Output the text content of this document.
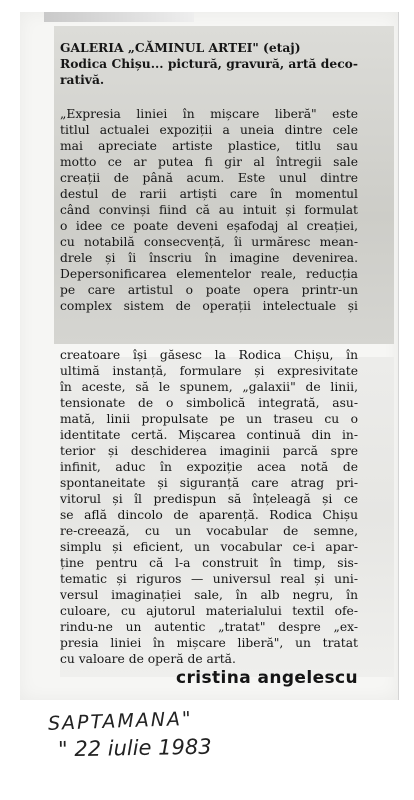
GALERIA „CĂMINUL ARTEI" (etaj)
Rodica Chișu... pictură, gravură, artă deco-
rativă.
„Expresia liniei în mișcare liberă" este
titlul actualei expoziții a uneia dintre cele
mai apreciate artiste plastice, titlu sau
motto ce ar putea fi gir al întregii sale
creații de până acum. Este unul dintre
destul de rarii artiști care în momentul
când convinși fiind că au intuit și formulat
o idee ce poate deveni eșafodaj al creației,
cu notabilă consecvență, îi urmăresc mean-
drele și îi înscriu în imagine devenirea.
Depersonificarea elementelor reale, reducția
pe care artistul o poate opera printr-un
complex sistem de operații intelectuale și
creatoare își găsesc la Rodica Chișu, în
ultimă instanță, formulare și expresivitate
în aceste, să le spunem, „galaxii" de linii,
tensionate de o simbolică integrată, asu-
mată, linii propulsate pe un traseu cu o
identitate certă. Mișcarea continuă din in-
terior și deschiderea imaginii parcă spre
infinit, aduc în expoziție acea notă de
spontaneitate și siguranță care atrag pri-
vitorul și îl predispun să înțeleagă și ce
se află dincolo de aparență. Rodica Chișu
re-creează, cu un vocabular de semne,
simplu și eficient, un vocabular ce-i apar-
ține pentru că l-a construit în timp, sis-
tematic și riguros — universul real și uni-
versul imaginației sale, în alb negru, în
culoare, cu ajutorul materialului textil ofe-
rindu-ne un autentic „tratat" despre „ex-
presia liniei în mișcare liberă", un tratat
cu valoare de operă de artă.
cristina angelescu
SAPTAMANA"
" 22 iulie 1983
